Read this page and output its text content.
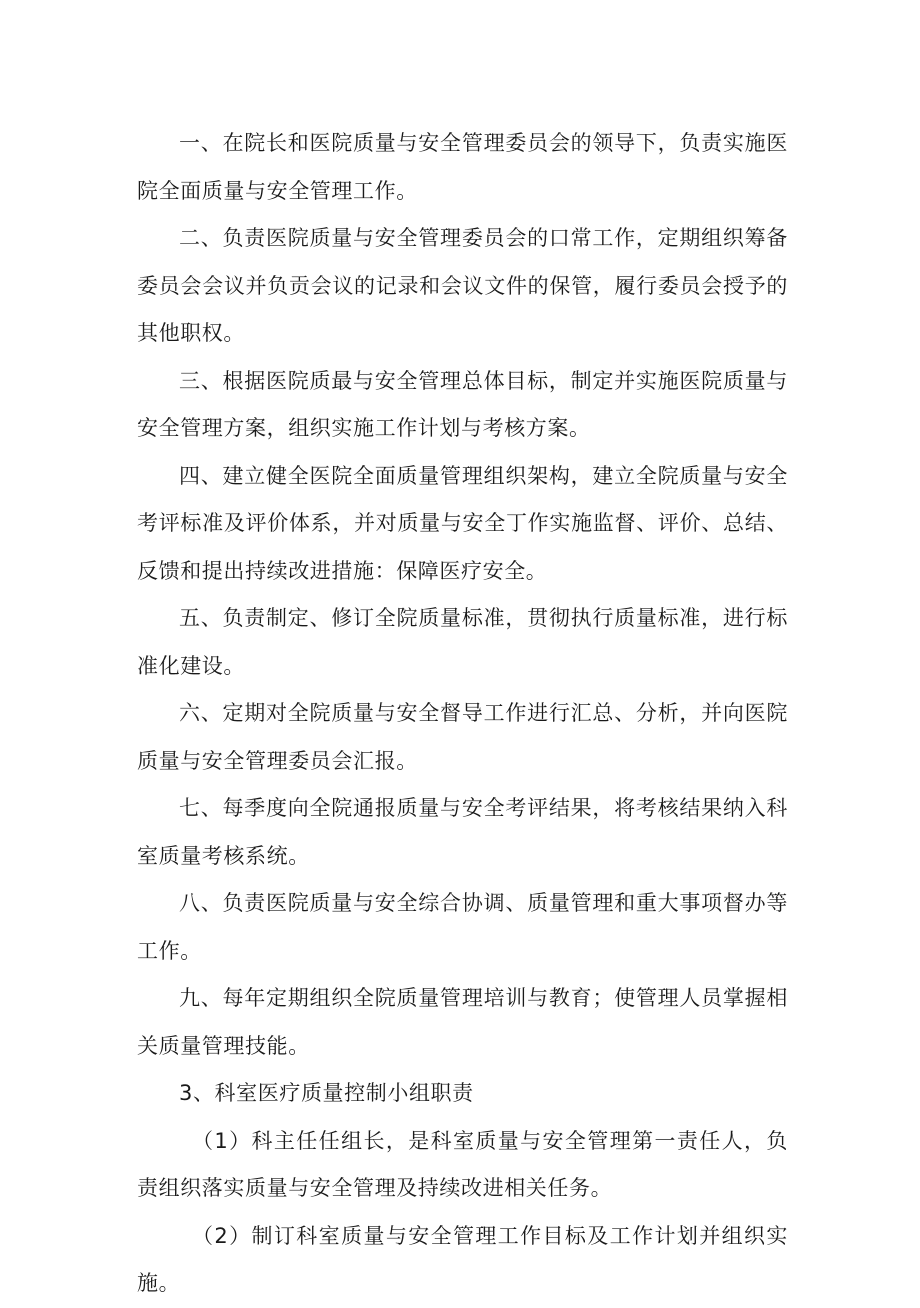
一、在院长和医院质量与安全管理委员会的领导下，负责实施医院全面质量与安全管理工作。

二、负责医院质量与安全管理委员会的口常工作，定期组织筹备委员会会议并负贡会议的记录和会议文件的保管，履行委员会授予的其他职权。

三、根据医院质最与安全管理总体目标，制定并实施医院质量与安全管理方案，组织实施工作计划与考核方案。

四、建立健全医院全面质量管理组织架构，建立全院质量与安全考评标准及评价体系，并对质量与安全丁作实施监督、评价、总结、反馈和提出持续改进措施：保障医疗安全。

五、负责制定、修订全院质量标准，贯彻执行质量标准，进行标准化建设。

六、定期对全院质量与安全督导工作进行汇总、分析，并向医院质量与安全管理委员会汇报。

七、每季度向全院通报质量与安全考评结果，将考核结果纳入科室质量考核系统。

八、负责医院质量与安全综合协调、质量管理和重大事项督办等工作。

九、每年定期组织全院质量管理培训与教育；使管理人员掌握相关质量管理技能。

3、科室医疗质量控制小组职责

（1）科主任任组长，是科室质量与安全管理第一责任人，负责组织落实质量与安全管理及持续改进相关任务。

（2）制订科室质量与安全管理工作目标及工作计划并组织实施。
